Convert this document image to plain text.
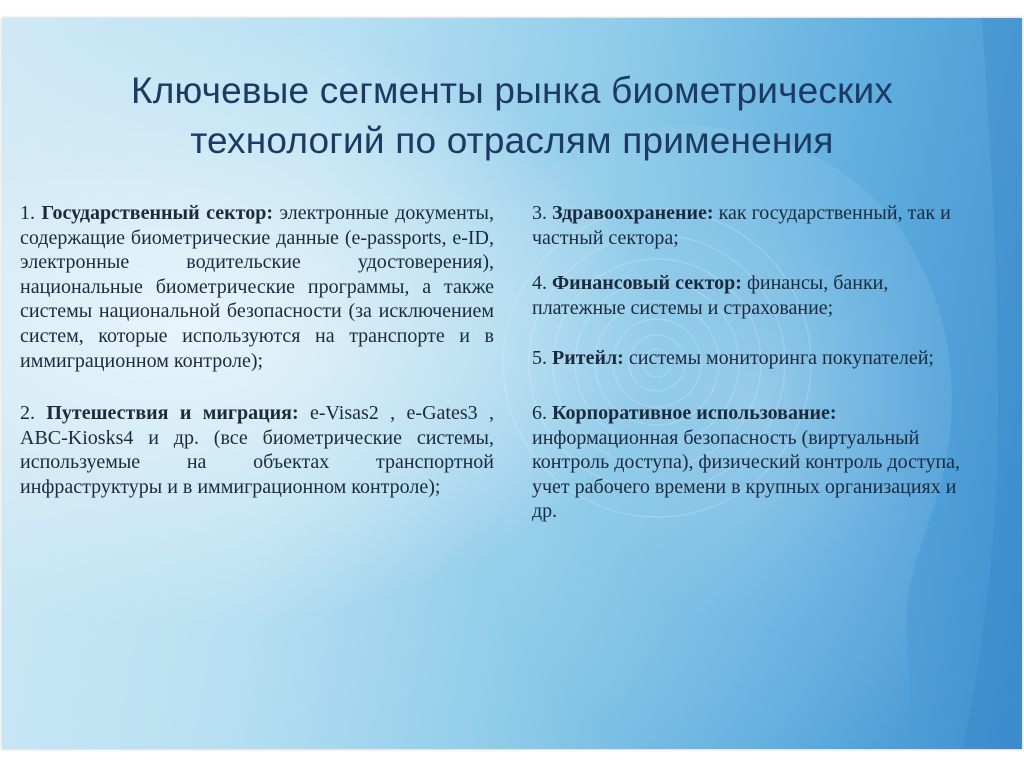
Ключевые сегменты рынка биометрических
технологий по отраслям применения

1. Государственный сектор: электронные документы, содержащие биометрические данные (e-passports, e-ID, электронные водительские удостоверения), национальные биометрические программы, а также системы национальной безопасности (за исключением систем, которые используются на транспорте и в иммиграционном контроле);

2. Путешествия и миграция: e-Visas2 , e-Gates3 , ABC-Kiosks4 и др. (все биометрические системы, используемые на объектах транспортной инфраструктуры и в иммиграционном контроле);

3. Здравоохранение: как государственный, так и частный сектора;

4. Финансовый сектор: финансы, банки, платежные системы и страхование;

5. Ритейл: системы мониторинга покупателей;

6. Корпоративное использование: информационная безопасность (виртуальный контроль доступа), физический контроль доступа, учет рабочего времени в крупных организациях и др.
